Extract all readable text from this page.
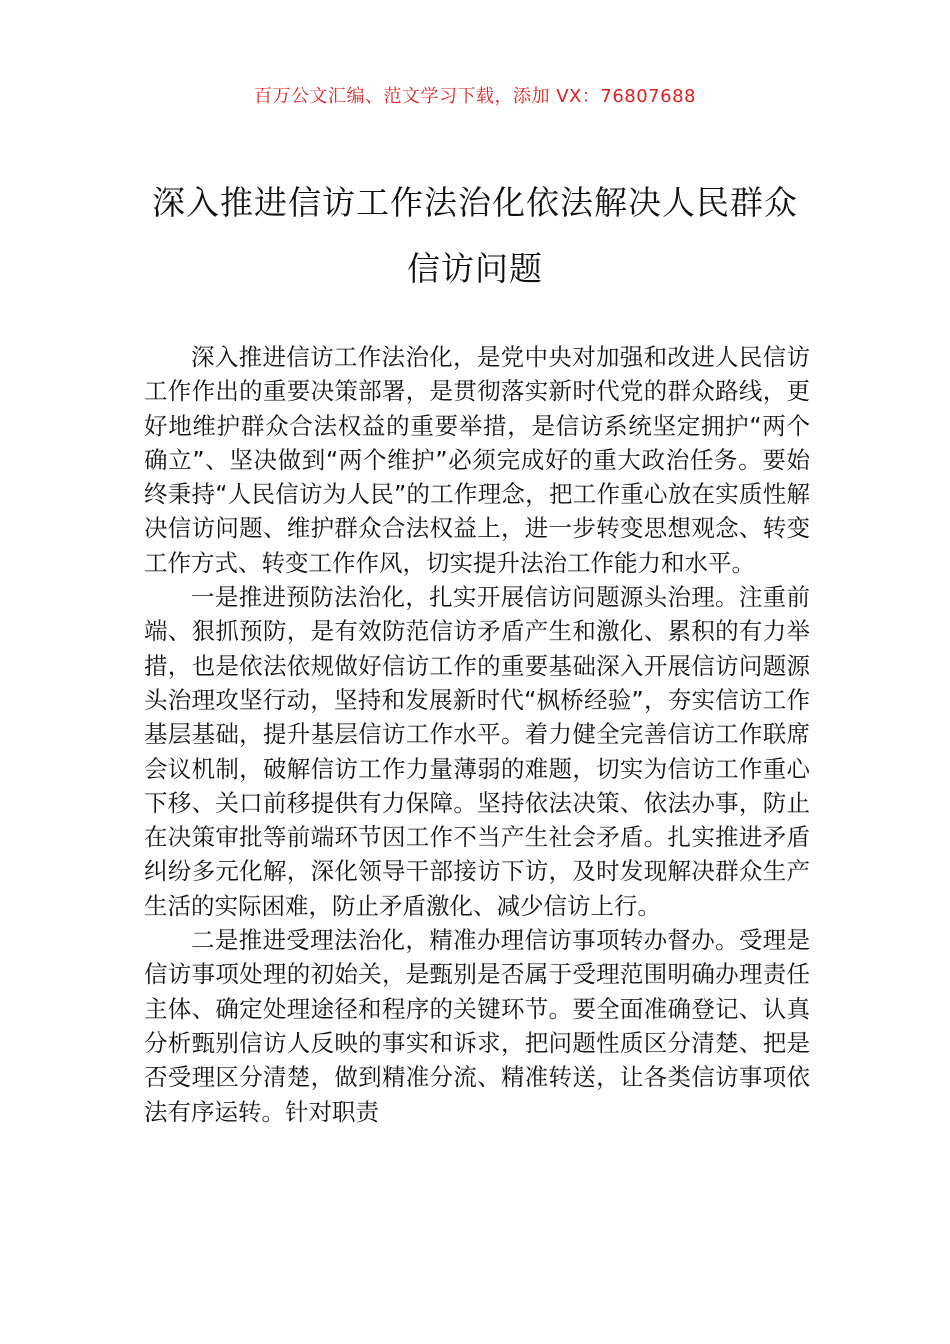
百万公文汇编、范文学习下载，添加 VX：76807688
深入推进信访工作法治化依法解决人民群众信访问题

深入推进信访工作法治化，是党中央对加强和改进人民信访工作作出的重要决策部署，是贯彻落实新时代党的群众路线，更好地维护群众合法权益的重要举措，是信访系统坚定拥护“两个确立”、坚决做到“两个维护”必须完成好的重大政治任务。要始终秉持“人民信访为人民”的工作理念，把工作重心放在实质性解决信访问题、维护群众合法权益上，进一步转变思想观念、转变工作方式、转变工作作风，切实提升法治工作能力和水平。

一是推进预防法治化，扎实开展信访问题源头治理。注重前端、狠抓预防，是有效防范信访矛盾产生和激化、累积的有力举措，也是依法依规做好信访工作的重要基础深入开展信访问题源头治理攻坚行动，坚持和发展新时代“枫桥经验”，夯实信访工作基层基础，提升基层信访工作水平。着力健全完善信访工作联席会议机制，破解信访工作力量薄弱的难题，切实为信访工作重心下移、关口前移提供有力保障。坚持依法决策、依法办事，防止在决策审批等前端环节因工作不当产生社会矛盾。扎实推进矛盾纠纷多元化解，深化领导干部接访下访，及时发现解决群众生产生活的实际困难，防止矛盾激化、减少信访上行。

二是推进受理法治化，精准办理信访事项转办督办。受理是信访事项处理的初始关，是甄别是否属于受理范围明确办理责任主体、确定处理途径和程序的关键环节。要全面准确登记、认真分析甄别信访人反映的事实和诉求，把问题性质区分清楚、把是否受理区分清楚，做到精准分流、精准转送，让各类信访事项依法有序运转。针对职责
